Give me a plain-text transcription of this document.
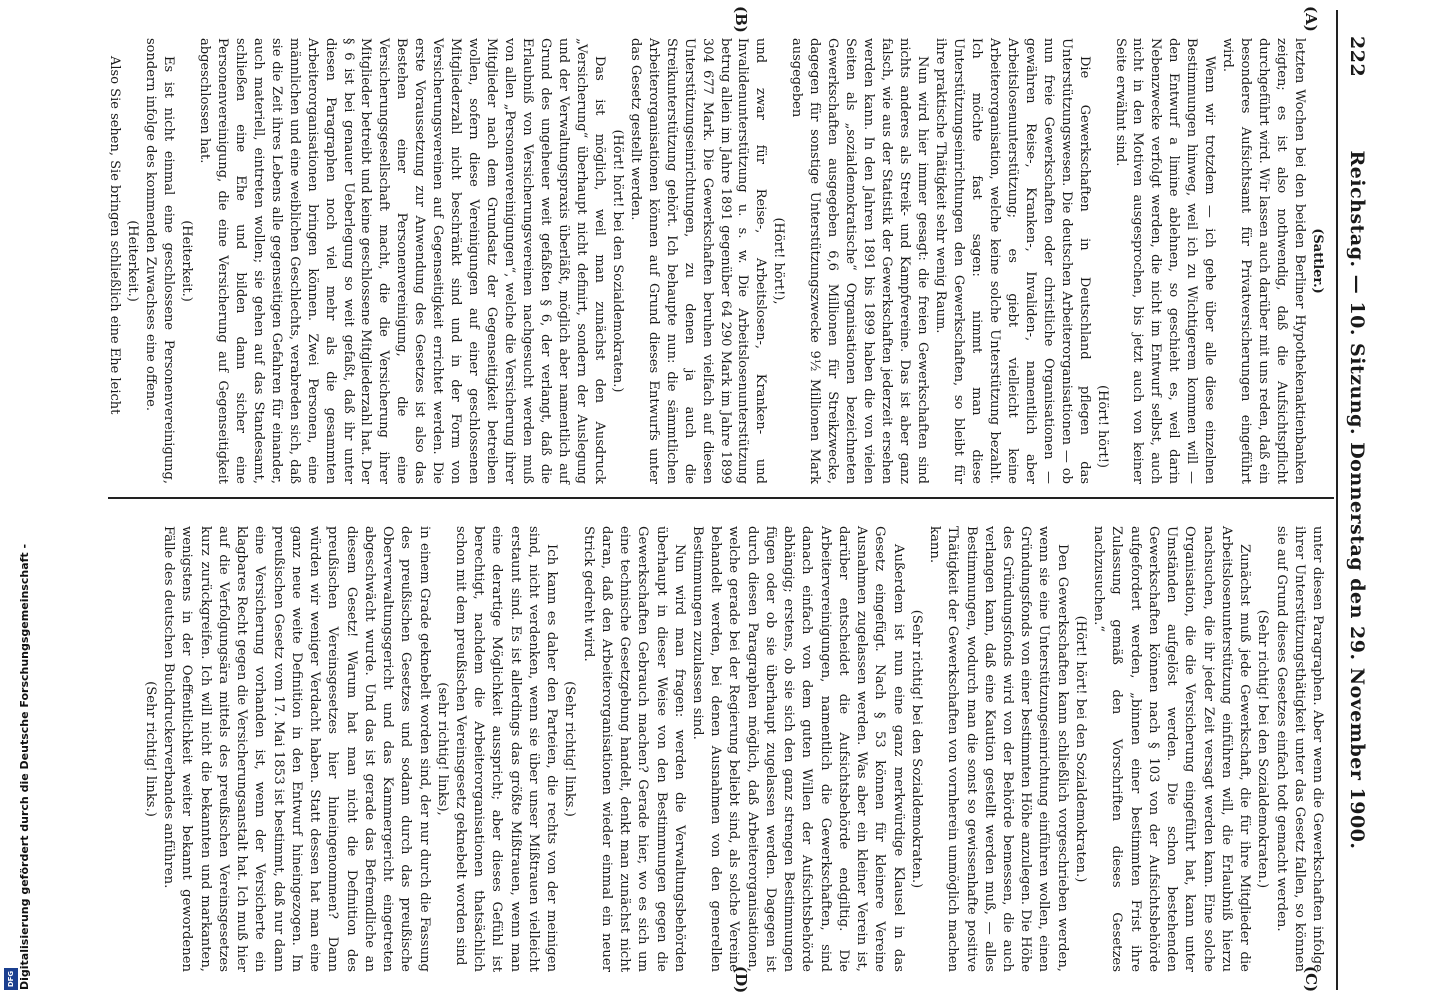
222
Reichstag. — 10. Sitzung. Donnerstag den 29. November 1900.
(A)
(B)
(C)
(D)

(Sattler.)

letzten Wochen bei den beiden Berliner Hypothekenaktienbanken zeigten; es ist also nothwendig, daß die Aufsichtspflicht durchgeführt wird. Wir lassen auch darüber mit uns reden, daß ein besonderes Aufsichtsamt für Privatversicherungen eingeführt wird.

Wenn wir trotzdem — ich gehe über alle diese einzelnen Bestimmungen hinweg, weil ich zu Wichtigerem kommen will — den Entwurf a limine ablehnen, so geschieht es, weil darin Nebenzwecke verfolgt werden, die nicht im Entwurf selbst, auch nicht in den Motiven ausgesprochen, bis jetzt auch von keiner Seite erwähnt sind.

(Hört! hört!)

Die Gewerkschaften in Deutschland pflegen das Unterstützungswesen. Die deutschen Arbeiterorganisationen — ob nun freie Gewerkschaften oder christliche Organisationen — gewähren Reise-, Kranken-, Invaliden-, namentlich aber Arbeitslosenunterstützung; es giebt vielleicht keine Arbeiterorganisation, welche keine solche Unterstützung bezahlt. Ich möchte fast sagen: nimmt man diese Unterstützungseinrichtungen den Gewerkschaften, so bleibt für ihre praktische Thätigkeit sehr wenig Raum.

Nun wird hier immer gesagt: die freien Gewerkschaften sind nichts anderes als Streik- und Kampfvereine. Das ist aber ganz falsch, wie aus der Statistik der Gewerkschaften jederzeit ersehen werden kann. In den Jahren 1891 bis 1899 haben die von vielen Seiten als „sozialdemokratische“ Organisationen bezeichneten Gewerkschaften ausgegeben 6,6 Millionen für Streikzwecke, dagegen für sonstige Unterstützungszwecke 9½ Millionen Mark ausgegeben

(Hört! hört!),

und zwar für Reise-, Arbeitslosen-, Kranken- und Invalidenunterstützung u. s. w. Die Arbeitslosenunterstützung betrug allein im Jahre 1891 gegenüber 64 290 Mark im Jahre 1899 304 677 Mark. Die Gewerkschaften beruhen vielfach auf diesen Unterstützungseinrichtungen, zu denen ja auch die Streikunterstützung gehört. Ich behaupte nun: die sämmtlichen Arbeiterorganisationen können auf Grund dieses Entwurfs unter das Gesetz gestellt werden.

(Hört! hört! bei den Sozialdemokraten.)

Das ist möglich, weil man zunächst den Ausdruck „Versicherung“ überhaupt nicht definirt, sondern der Auslegung und der Verwaltungspraxis überläßt, möglich aber namentlich auf Grund des ungeheuer weit gefaßten § 6, der verlangt, daß die Erlaubniß von Versicherungsvereinen nachgesucht werden muß von allen „Personenvereinigungen“, welche die Versicherung ihrer Mitglieder nach dem Grundsatz der Gegenseitigkeit betreiben wollen, sofern diese Vereinigungen auf einer geschlossenen Mitgliederzahl nicht beschränkt sind und in der Form von Versicherungsvereinen auf Gegenseitigkeit errichtet werden. Die erste Voraussetzung zur Anwendung des Gesetzes ist also das Bestehen einer Personenvereinigung, die eine Versicherungsgesellschaft macht, die die Versicherung ihrer Mitglieder betreibt und keine geschlossene Mitgliederzahl hat. Der § 6 ist bei genauer Ueberlegung so weit gefaßt, daß ihr unter diesen Paragraphen noch viel mehr als die gesammten Arbeiterorganisationen bringen können. Zwei Personen, eine männlichen und eine weiblichen Geschlechts, verabreden sich, daß sie die Zeit ihres Lebens alle gegenseitigen Gefahren für einander, auch materiell, eintreten wollen; sie gehen auf das Standesamt, schließen eine Ehe und bilden dann sicher eine Personenvereinigung, die eine Versicherung auf Gegenseitigkeit abgeschlossen hat.

(Heiterkeit.)

Es ist nicht einmal eine geschlossene Personenvereinigung, sondern infolge des kommenden Zuwachses eine offene.

(Heiterkeit.)

Also Sie sehen, Sie bringen schließlich eine Ehe leicht

unter diesen Paragraphen. Aber wenn die Gewerkschaften infolge ihrer Unterstützungsthätigkeit unter das Gesetz fallen, so können sie auf Grund dieses Gesetzes einfach todt gemacht werden.

(Sehr richtig! bei den Sozialdemokraten.)

Zunächst muß jede Gewerkschaft, die für ihre Mitglieder die Arbeitslosenunterstützung einführen will, die Erlaubniß hierzu nachsuchen, die ihr jeder Zeit versagt werden kann. Eine solche Organisation, die die Versicherung eingeführt hat, kann unter Umständen aufgelöst werden. Die schon bestehenden Gewerkschaften können nach § 103 von der Aufsichtsbehörde aufgefordert werden, „binnen einer bestimmten Frist ihre Zulassung gemäß den Vorschriften dieses Gesetzes nachzusuchen.“

(Hört! hört! bei den Sozialdemokraten.)

Den Gewerkschaften kann schließlich vorgeschrieben werden, wenn sie eine Unterstützungseinrichtung einführen wollen, einen Gründungsfonds von einer bestimmten Höhe anzulegen. Die Höhe des Gründungsfonds wird von der Behörde bemessen, die auch verlangen kann, daß eine Kaution gestellt werden muß, — alles Bestimmungen, wodurch man die sonst so gewissenhafte positive Thätigkeit der Gewerkschaften von vornherein unmöglich machen kann.

(Sehr richtig! bei den Sozialdemokraten.)

Außerdem ist nun eine ganz merkwürdige Klausel in das Gesetz eingefügt. Nach § 53 können für kleinere Vereine Ausnahmen zugelassen werden. Was aber ein kleiner Verein ist, darüber entscheidet die Aufsichtsbehörde endgiltig. Die Arbeitervereinigungen, namentlich die Gewerkschaften, sind danach einfach von dem guten Willen der Aufsichtsbehörde abhängig; erstens, ob sie sich den ganz strengen Bestimmungen fügen oder ob sie überhaupt zugelassen werden. Dagegen ist durch diesen Paragraphen möglich, daß Arbeiterorganisationen, welche gerade bei der Regierung beliebt sind, als solche Vereine behandelt werden, bei denen Ausnahmen von den generellen Bestimmungen zuzulassen sind.

Nun wird man fragen: werden die Verwaltungsbehörden überhaupt in dieser Weise von den Bestimmungen gegen die Gewerkschaften Gebrauch machen? Gerade hier, wo es sich um eine technische Gesetzgebung handelt, denkt man zunächst nicht daran, daß den Arbeiterorganisationen wieder einmal ein neuer Strick gedreht wird.

(Sehr richtig! links.)

Ich kann es daher den Parteien, die rechts von der meinigen sind, nicht verdenken, wenn sie über unser Mißtrauen vielleicht erstaunt sind. Es ist allerdings das größte Mißtrauen, wenn man eine derartige Möglichkeit ausspricht; aber dieses Gefühl ist berechtigt, nachdem die Arbeiterorganisationen thatsächlich schon mit dem preußischen Vereinsgesetz geknebelt worden sind

(sehr richtig! links),

in einem Grade geknebelt worden sind, der nur durch die Fassung des preußischen Gesetzes und sodann durch das preußische Oberverwaltungsgericht und das Kammergericht eingetreten abgeschwächt wurde. Und das ist gerade das Befremdliche an diesem Gesetz! Warum hat man nicht die Definition des preußischen Vereinsgesetzes hier hineingenommen? Dann würden wir weniger Verdacht haben. Statt dessen hat man eine ganz neue weite Definition in den Entwurf hineingezogen. Im preußischen Gesetz vom 17. Mai 1853 ist bestimmt, daß nur dann eine Versicherung vorhanden ist, wenn der Versicherte ein klagbares Recht gegen die Versicherungsanstalt hat. Ich muß hier auf die Verfolgungsära mittels des preußischen Vereinsgesetzes kurz zurückgreifen. Ich will nicht die bekannten und markanten, wenigstens in der Oeffentlichkeit weiter bekannt gewordenen Fälle des deutschen Buchdruckerverbandes anführen.

(Sehr richtig! links.)

Digitalisierung gefördert durch die Deutsche Forschungsgemeinschaft -
DFG
